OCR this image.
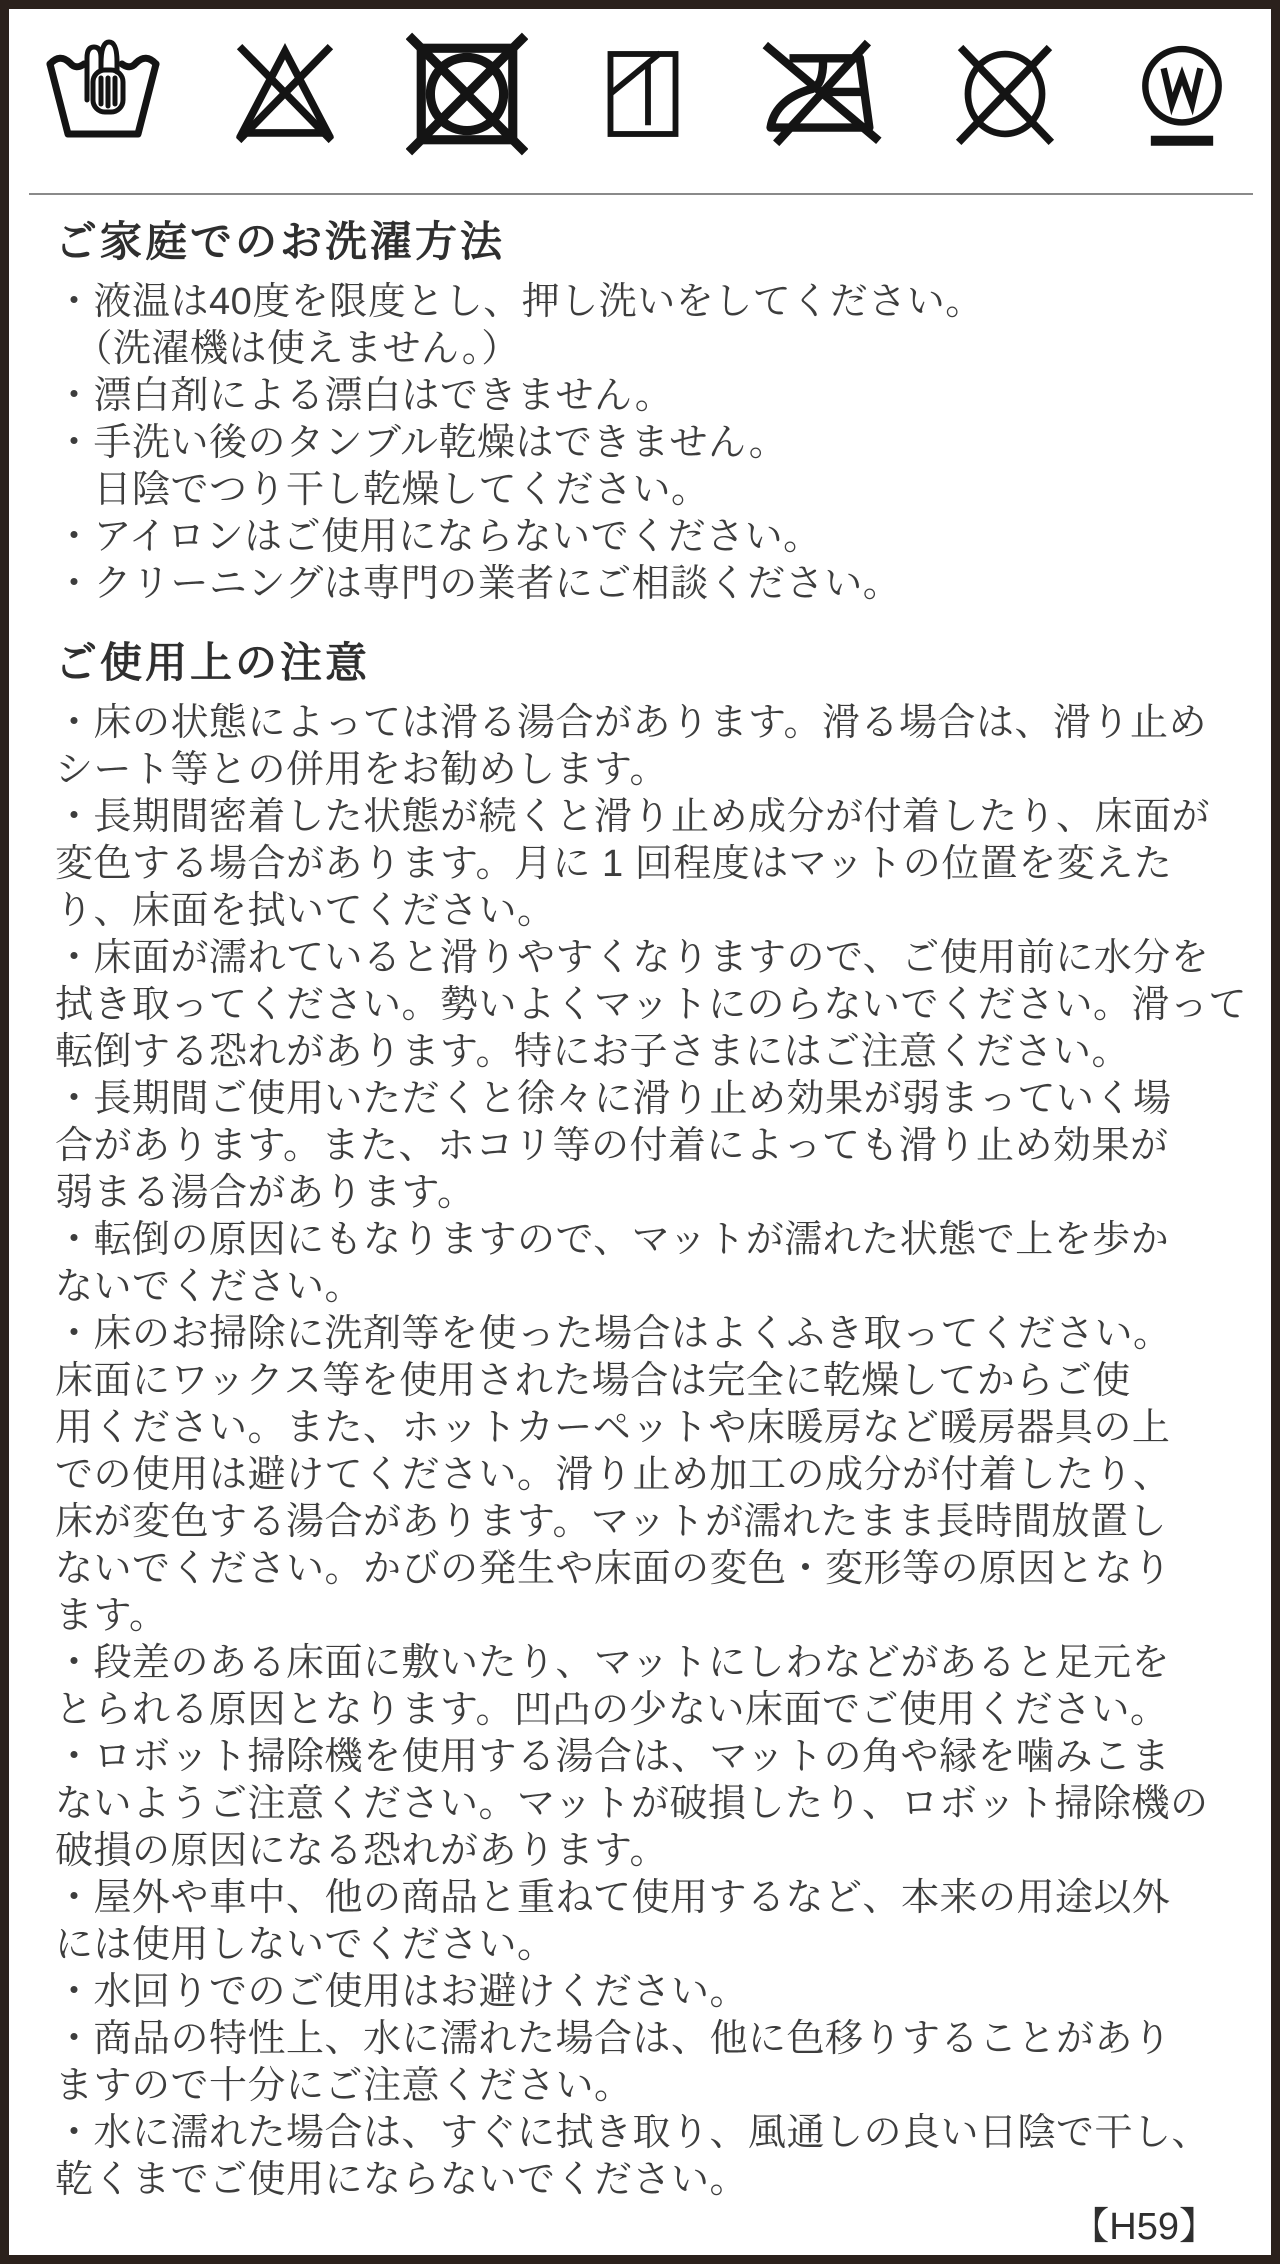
ご家庭でのお洗濯方法
・液温は40度を限度とし、押し洗いをしてください。
　（洗濯機は使えません。）
・漂白剤による漂白はできません。
・手洗い後のタンブル乾燥はできません。
　日陰でつり干し乾燥してください。
・アイロンはご使用にならないでください。
・クリーニングは専門の業者にご相談ください。
ご使用上の注意
・床の状態によっては滑る湯合があります。滑る場合は、滑り止め
シート等との併用をお勧めします。
・長期間密着した状態が続くと滑り止め成分が付着したり、床面が
変色する場合があります。月に 1 回程度はマットの位置を変えた
り、床面を拭いてください。
・床面が濡れていると滑りやすくなりますので、ご使用前に水分を
拭き取ってください。勢いよくマットにのらないでください。滑って
転倒する恐れがあります。特にお子さまにはご注意ください。
・長期間ご使用いただくと徐々に滑り止め効果が弱まっていく場
合があります。また、ホコリ等の付着によっても滑り止め効果が
弱まる湯合があります。
・転倒の原因にもなりますので、マットが濡れた状態で上を歩か
ないでください。
・床のお掃除に洗剤等を使った場合はよくふき取ってください。
床面にワックス等を使用された場合は完全に乾燥してからご使
用ください。また、ホットカーペットや床暖房など暖房器具の上
での使用は避けてください。滑り止め加工の成分が付着したり、
床が変色する湯合があります。マットが濡れたまま長時間放置し
ないでください。かびの発生や床面の変色・変形等の原因となり
ます。
・段差のある床面に敷いたり、マットにしわなどがあると足元を
とられる原因となります。凹凸の少ない床面でご使用ください。
・ロボット掃除機を使用する湯合は、マットの角や縁を噛みこま
ないようご注意ください。マットが破損したり、ロボット掃除機の
破損の原因になる恐れがあります。
・屋外や車中、他の商品と重ねて使用するなど、本来の用途以外
には使用しないでください。
・水回りでのご使用はお避けください。
・商品の特性上、水に濡れた場合は、他に色移りすることがあり
ますので十分にご注意ください。
・水に濡れた場合は、すぐに拭き取り、風通しの良い日陰で干し、
乾くまでご使用にならないでください。
【H59】
